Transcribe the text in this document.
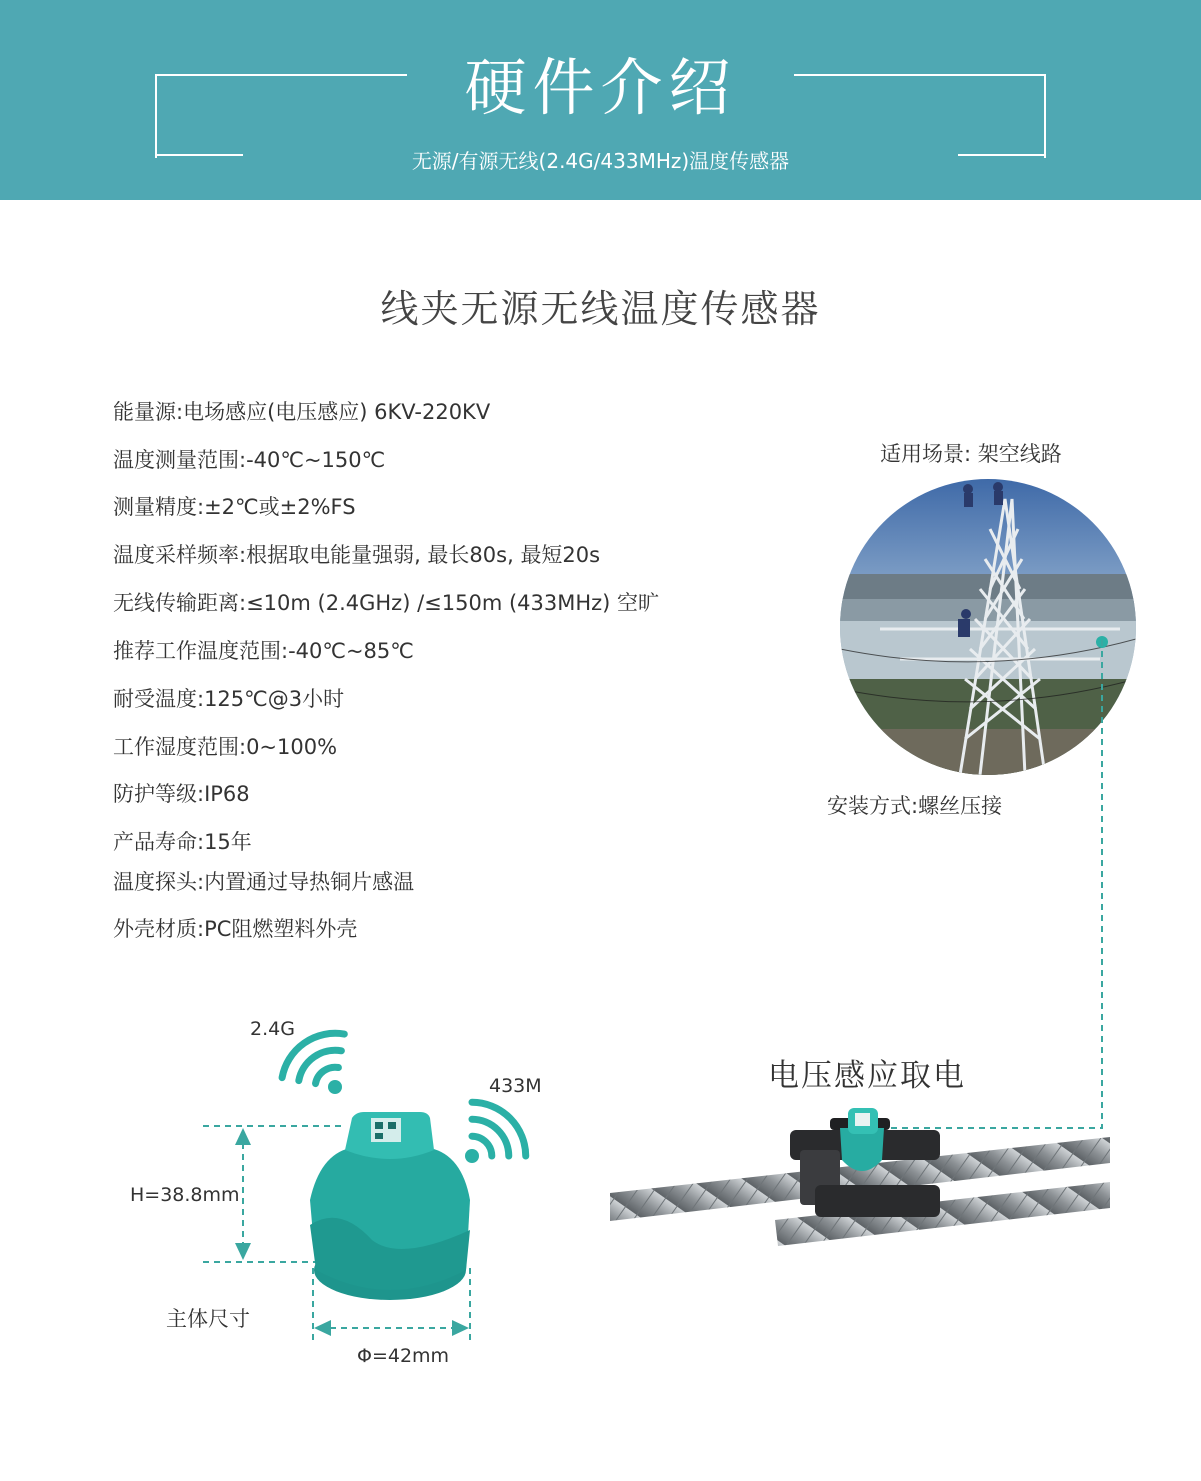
硬件介绍
无源/有源无线(2.4G/433MHz)温度传感器
线夹无源无线温度传感器
能量源:电场感应(电压感应) 6KV-220KV
温度测量范围:-40℃~150℃
测量精度:±2℃或±2%FS
温度采样频率:根据取电能量强弱, 最长80s, 最短20s
无线传输距离:≤10m (2.4GHz) /≤150m (433MHz) 空旷
推荐工作温度范围:-40℃~85℃
耐受温度:125℃@3小时
工作湿度范围:0~100%
防护等级:IP68
产品寿命:15年
温度探头:内置通过导热铜片感温
外壳材质:PC阻燃塑料外壳
适用场景: 架空线路
安装方式:螺丝压接
电压感应取电
2.4G
433M
H=38.8mm
主体尺寸
Φ=42mm
